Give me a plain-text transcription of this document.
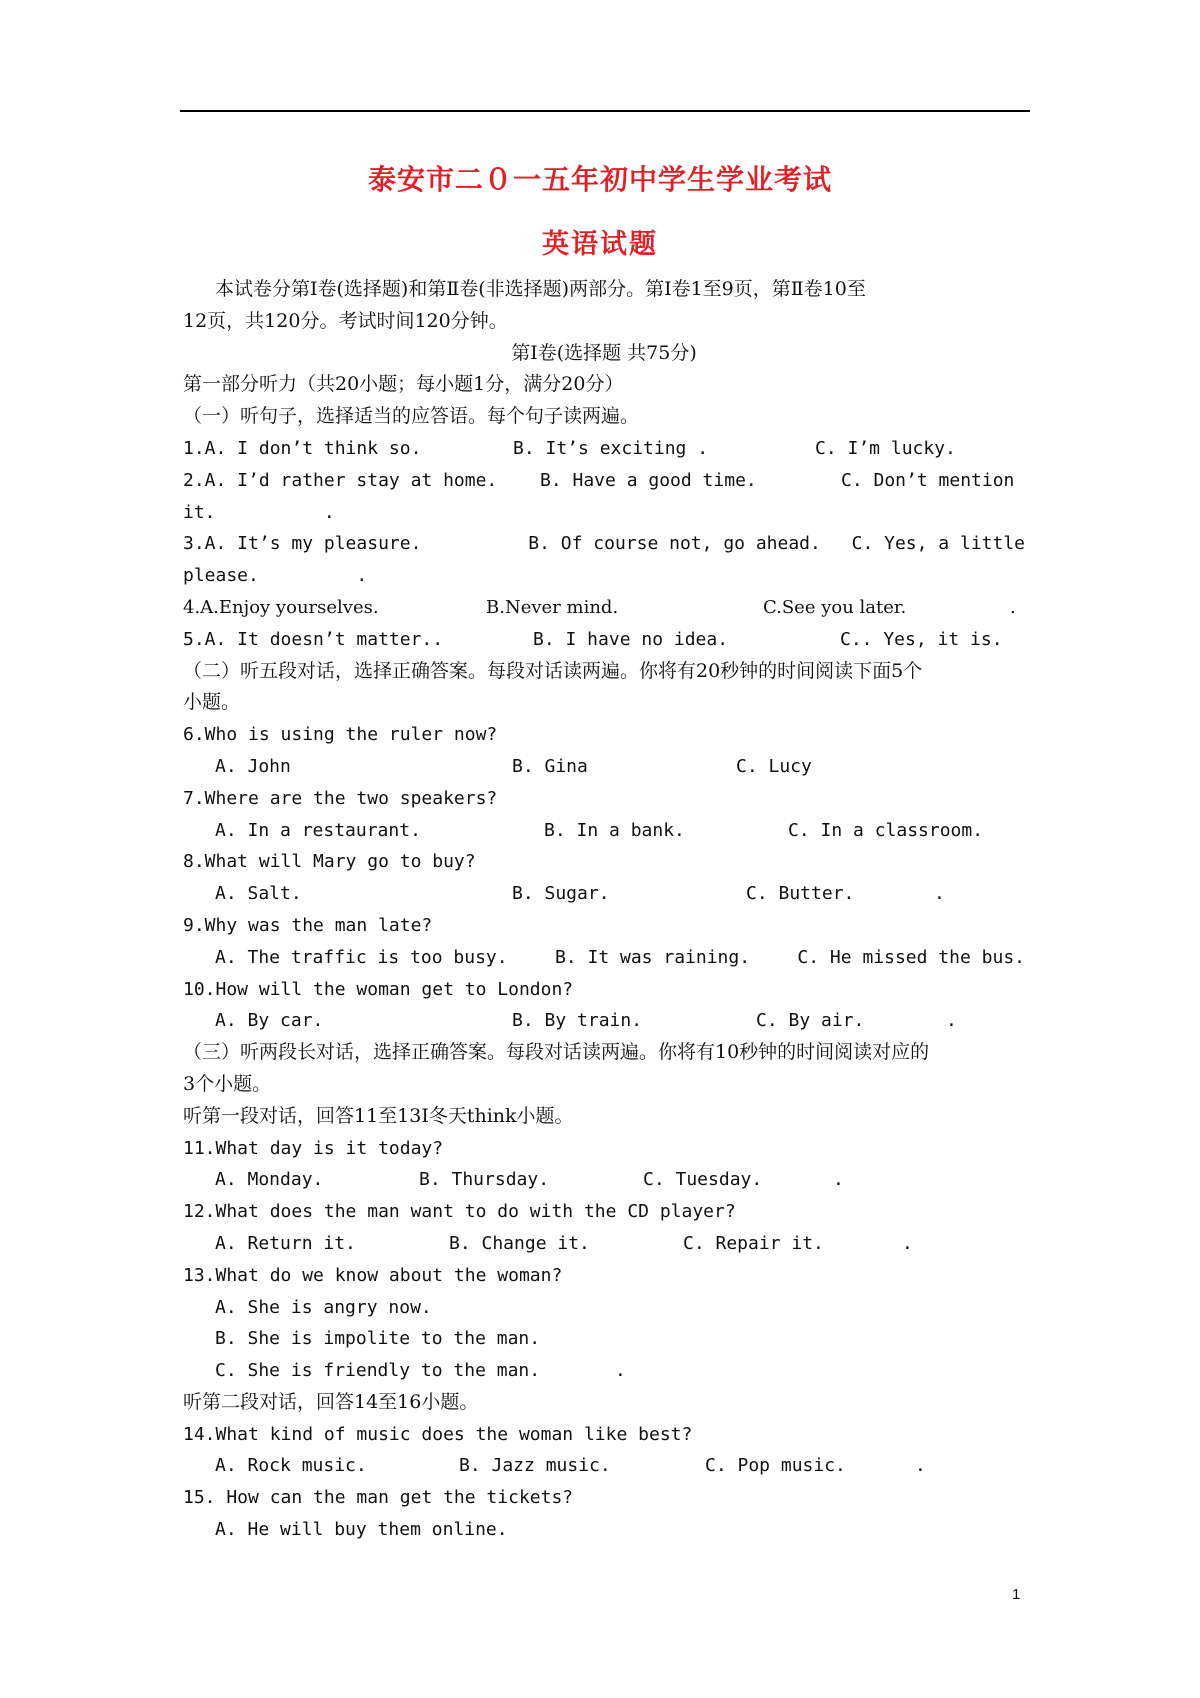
泰安市二０一五年初中学生学业考试
英语试题
本试卷分第Ⅰ卷(选择题)和第Ⅱ卷(非选择题)两部分。第Ⅰ卷1至9页，第Ⅱ卷10至
12页，共120分。考试时间120分钟。
第Ⅰ卷(选择题 共75分)
第一部分听力（共20小题；每小题1分，满分20分）
（一）听句子，选择适当的应答语。每个句子读两遍。
1.A. I don’t think so.	B. It’s exciting .	C. I’m lucky.
2.A. I’d rather stay at home.	B. Have a good time.	C. Don’t mention
it.          .
3.A. It’s my pleasure.	B. Of course not, go ahead.	C. Yes, a little
please.         .
4.A.Enjoy yourselves.	B.Never mind.	C.See you later.	.
5.A. It doesn’t matter..	B. I have no idea.	C.. Yes, it is.
（二）听五段对话，选择正确答案。每段对话读两遍。你将有20秒钟的时间阅读下面5个
小题。
6.Who is using the ruler now?
A. John	B. Gina	C. Lucy
7.Where are the two speakers?
A. In a restaurant.	B. In a bank.	C. In a classroom.
8.What will Mary go to buy?
A. Salt.	B. Sugar.	C. Butter.	.
9.Why was the man late?
A. The traffic is too busy.	B. It was raining.	C. He missed the bus.
10.How will the woman get to London?
A. By car.	B. By train.	C. By air.	.
（三）听两段长对话，选择正确答案。每段对话读两遍。你将有10秒钟的时间阅读对应的
3个小题。
听第一段对话，回答11至13I冬天think小题。
11.What day is it today?
A. Monday.	B. Thursday.	C. Tuesday.	.
12.What does the man want to do with the CD player?
A. Return it.	B. Change it.	C. Repair it.	.
13.What do we know about the woman?
A. She is angry now.
B. She is impolite to the man.
C. She is friendly to the man.	.
听第二段对话，回答14至16小题。
14.What kind of music does the woman like best?
A. Rock music.	B. Jazz music.	C. Pop music.	.
15. How can the man get the tickets?
A. He will buy them online.
1
